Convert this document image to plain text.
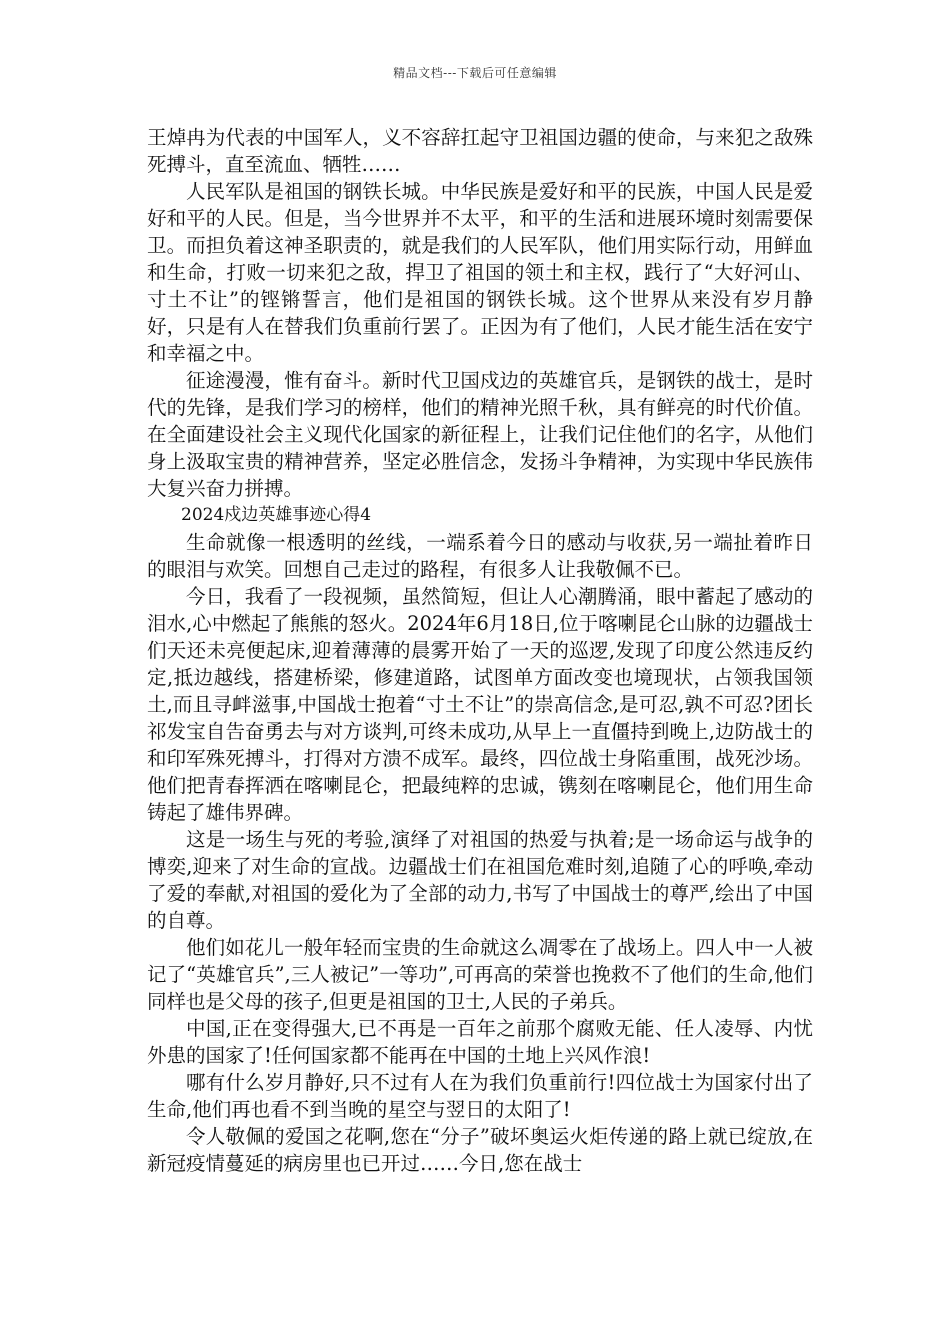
精品文档---下载后可任意编辑

王焯冉为代表的中国军人，义不容辞扛起守卫祖国边疆的使命，与来犯之敌殊死搏斗，直至流血、牺牲……

人民军队是祖国的钢铁长城。中华民族是爱好和平的民族，中国人民是爱好和平的人民。但是，当今世界并不太平，和平的生活和进展环境时刻需要保卫。而担负着这神圣职责的，就是我们的人民军队，他们用实际行动，用鲜血和生命，打败一切来犯之敌，捍卫了祖国的领土和主权，践行了“大好河山、寸土不让”的铿锵誓言，他们是祖国的钢铁长城。这个世界从来没有岁月静好，只是有人在替我们负重前行罢了。正因为有了他们，人民才能生活在安宁和幸福之中。

征途漫漫，惟有奋斗。新时代卫国戍边的英雄官兵，是钢铁的战士，是时代的先锋，是我们学习的榜样，他们的精神光照千秋，具有鲜亮的时代价值。在全面建设社会主义现代化国家的新征程上，让我们记住他们的名字，从他们身上汲取宝贵的精神营养，坚定必胜信念，发扬斗争精神，为实现中华民族伟大复兴奋力拼搏。

2024戍边英雄事迹心得4

生命就像一根透明的丝线，一端系着今日的感动与收获,另一端扯着昨日的眼泪与欢笑。回想自己走过的路程，有很多人让我敬佩不已。

今日，我看了一段视频，虽然简短，但让人心潮腾涌，眼中蓄起了感动的泪水,心中燃起了熊熊的怒火。2024年6月18日,位于喀喇昆仑山脉的边疆战士们天还未亮便起床,迎着薄薄的晨雾开始了一天的巡逻,发现了印度公然违反约定,抵边越线，搭建桥梁，修建道路，试图单方面改变也境现状，占领我国领土,而且寻衅滋事,中国战士抱着“寸土不让”的崇高信念,是可忍,孰不可忍?团长祁发宝自告奋勇去与对方谈判,可终未成功,从早上一直僵持到晚上,边防战士的和印军殊死搏斗，打得对方溃不成军。最终，四位战士身陷重围，战死沙场。他们把青春挥洒在喀喇昆仑，把最纯粹的忠诚，镌刻在喀喇昆仑，他们用生命铸起了雄伟界碑。

这是一场生与死的考验,演绎了对祖国的热爱与执着;是一场命运与战争的博奕,迎来了对生命的宣战。边疆战士们在祖国危难时刻,追随了心的呼唤,牵动了爱的奉献,对祖国的爱化为了全部的动力,书写了中国战士的尊严,绘出了中国的自尊。

他们如花儿一般年轻而宝贵的生命就这么凋零在了战场上。四人中一人被记了“英雄官兵”,三人被记”一等功”,可再高的荣誉也挽救不了他们的生命,他们同样也是父母的孩子,但更是祖国的卫士,人民的子弟兵。

中国,正在变得强大,已不再是一百年之前那个腐败无能、任人凌辱、内忧外患的国家了!任何国家都不能再在中国的土地上兴风作浪!

哪有什么岁月静好,只不过有人在为我们负重前行!四位战士为国家付出了生命,他们再也看不到当晚的星空与翌日的太阳了!

令人敬佩的爱国之花啊,您在“分子”破坏奥运火炬传递的路上就已绽放,在新冠疫情蔓延的病房里也已开过……今日,您在战士
